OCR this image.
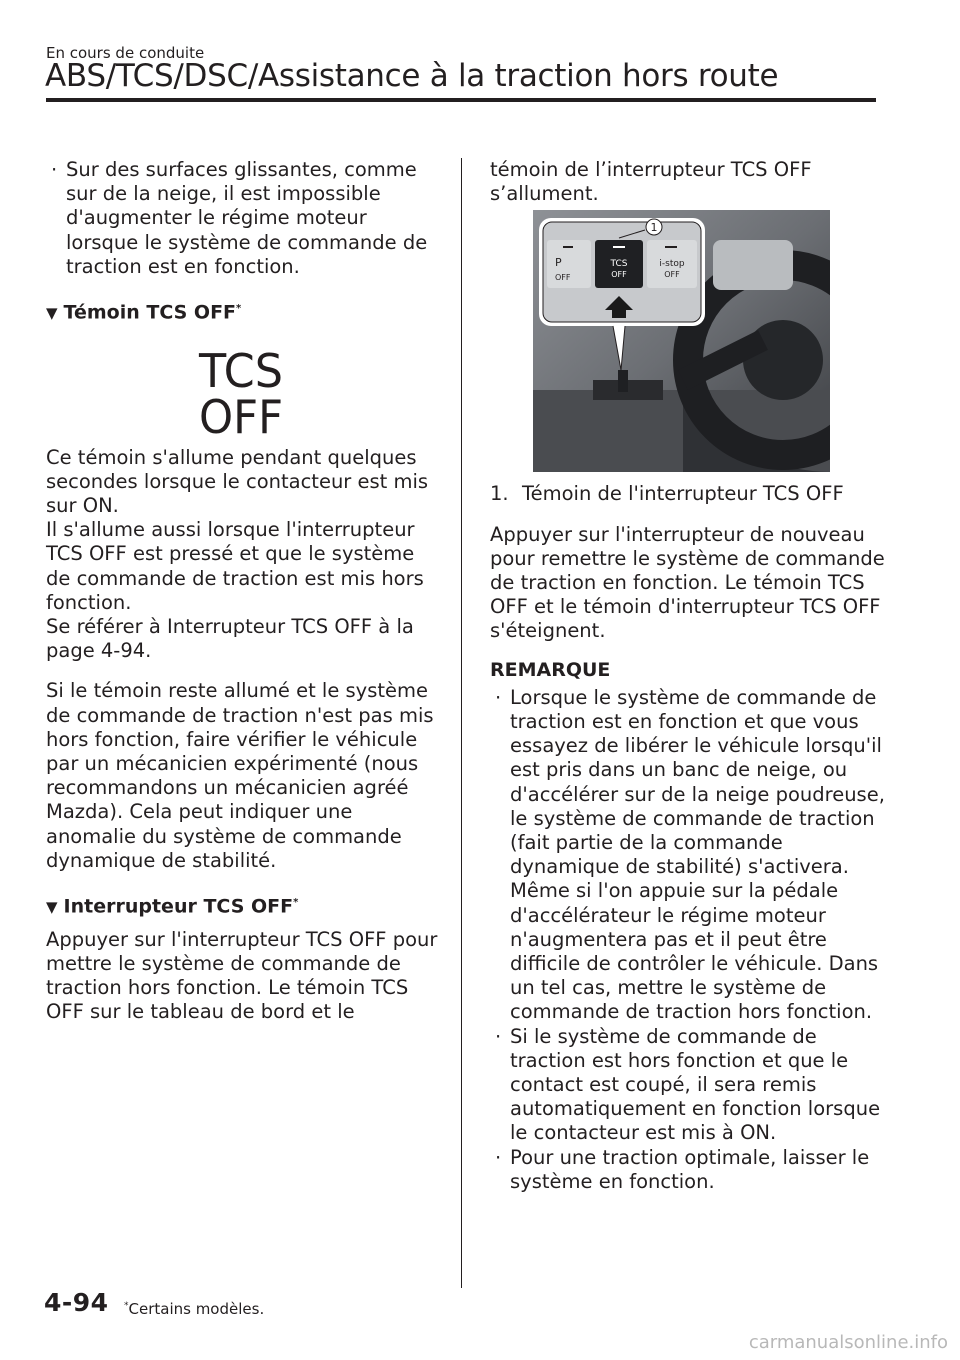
En cours de conduite
ABS/TCS/DSC/Assistance à la traction hors route

· Sur des surfaces glissantes, comme sur de la neige, il est impossible d'augmenter le régime moteur lorsque le système de commande de traction est en fonction.

▼ Témoin TCS OFF*
TCS
OFF

Ce témoin s'allume pendant quelques secondes lorsque le contacteur est mis sur ON.

Il s'allume aussi lorsque l'interrupteur TCS OFF est pressé et que le système de commande de traction est mis hors fonction.

Se référer à Interrupteur TCS OFF à la page 4-94.

Si le témoin reste allumé et le système de commande de traction n'est pas mis hors fonction, faire vérifier le véhicule par un mécanicien expérimenté (nous recommandons un mécanicien agréé Mazda). Cela peut indiquer une anomalie du système de commande dynamique de stabilité.

▼ Interrupteur TCS OFF*

Appuyer sur l'interrupteur TCS OFF pour mettre le système de commande de traction hors fonction. Le témoin TCS OFF sur le tableau de bord et le

témoin de l’interrupteur TCS OFF s’allument.

P
OFF
TCS
OFF
i-stop
OFF
1

1. Témoin de l'interrupteur TCS OFF

Appuyer sur l'interrupteur de nouveau pour remettre le système de commande de traction en fonction. Le témoin TCS OFF et le témoin d'interrupteur TCS OFF s'éteignent.

REMARQUE

· Lorsque le système de commande de traction est en fonction et que vous essayez de libérer le véhicule lorsqu'il est pris dans un banc de neige, ou d'accélérer sur de la neige poudreuse, le système de commande de traction (fait partie de la commande dynamique de stabilité) s'activera. Même si l'on appuie sur la pédale d'accélérateur le régime moteur n'augmentera pas et il peut être difficile de contrôler le véhicule. Dans un tel cas, mettre le système de commande de traction hors fonction.

· Si le système de commande de traction est hors fonction et que le contact est coupé, il sera remis automatiquement en fonction lorsque le contacteur est mis à ON.

· Pour une traction optimale, laisser le système en fonction.

4-94 *Certains modèles.
carmanualsonline.info
